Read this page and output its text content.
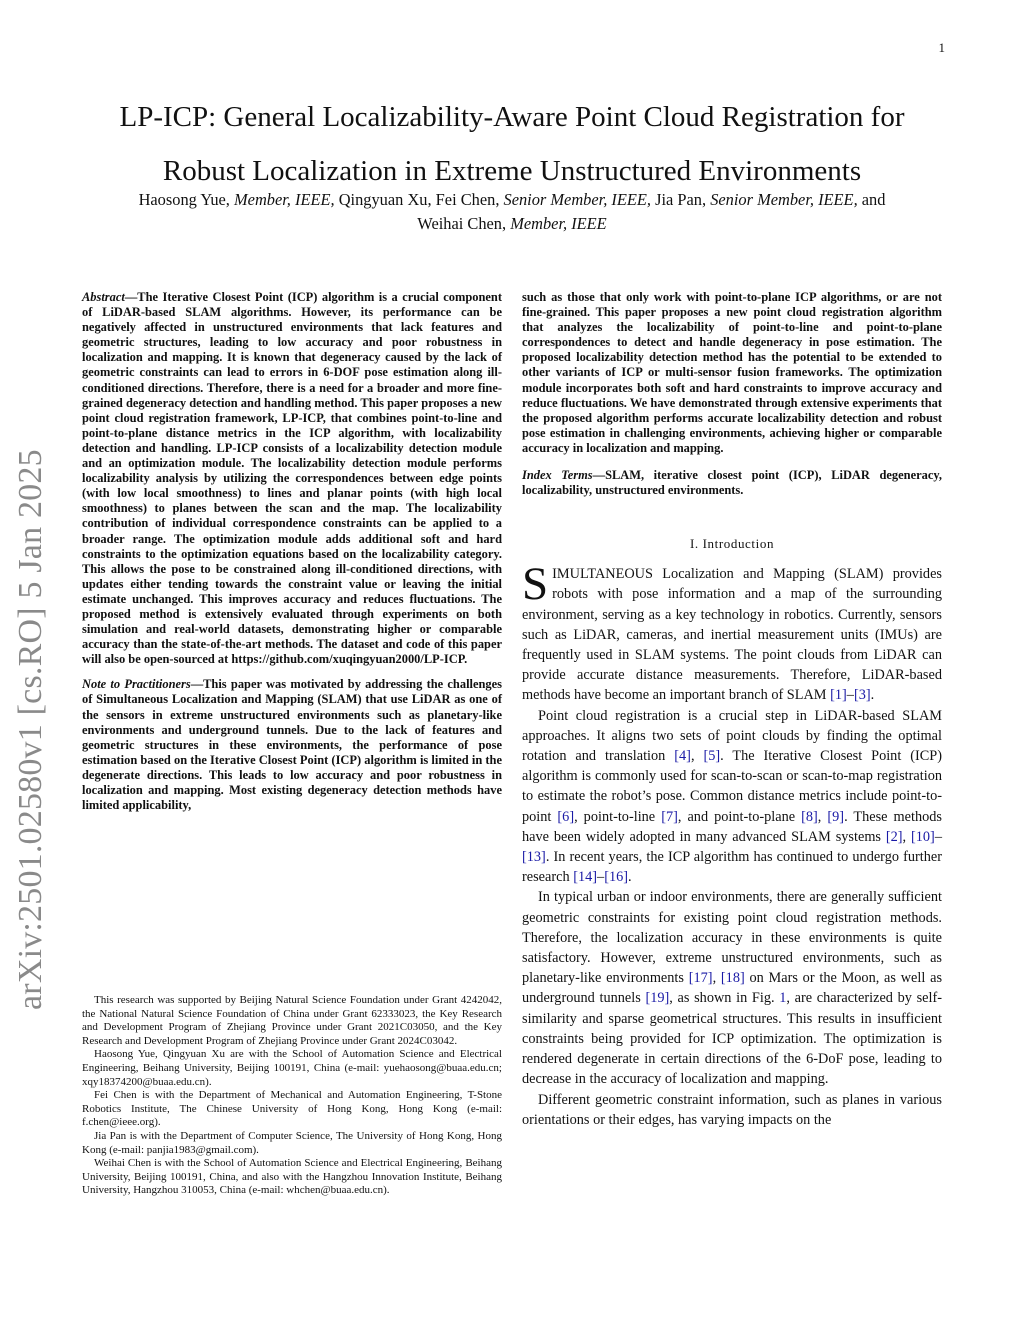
1
arXiv:2501.02580v1 [cs.RO] 5 Jan 2025
LP-ICP: General Localizability-Aware Point Cloud Registration for
Robust Localization in Extreme Unstructured Environments
Haosong Yue, Member, IEEE, Qingyuan Xu, Fei Chen, Senior Member, IEEE, Jia Pan, Senior Member, IEEE, and
Weihai Chen, Member, IEEE

Abstract—The Iterative Closest Point (ICP) algorithm is a crucial component of LiDAR-based SLAM algorithms. However, its performance can be negatively affected in unstructured environments that lack features and geometric structures, leading to low accuracy and poor robustness in localization and mapping. It is known that degeneracy caused by the lack of geometric constraints can lead to errors in 6-DOF pose estimation along ill-conditioned directions. Therefore, there is a need for a broader and more fine-grained degeneracy detection and handling method. This paper proposes a new point cloud registration framework, LP-ICP, that combines point-to-line and point-to-plane distance metrics in the ICP algorithm, with localizability detection and handling. LP-ICP consists of a localizability detection module and an optimization module. The localizability detection module performs localizability analysis by utilizing the correspondences between edge points (with low local smoothness) to lines and planar points (with high local smoothness) to planes between the scan and the map. The localizability contribution of individual correspondence constraints can be applied to a broader range. The optimization module adds additional soft and hard constraints to the optimization equations based on the localizability category. This allows the pose to be constrained along ill-conditioned directions, with updates either tending towards the constraint value or leaving the initial estimate unchanged. This improves accuracy and reduces fluctuations. The proposed method is extensively evaluated through experiments on both simulation and real-world datasets, demonstrating higher or comparable accuracy than the state-of-the-art methods. The dataset and code of this paper will also be open-sourced at https://github.com/xuqingyuan2000/LP-ICP.

Note to Practitioners—This paper was motivated by addressing the challenges of Simultaneous Localization and Mapping (SLAM) that use LiDAR as one of the sensors in extreme unstructured environments such as planetary-like environments and underground tunnels. Due to the lack of features and geometric structures in these environments, the performance of pose estimation based on the Iterative Closest Point (ICP) algorithm is limited in the degenerate directions. This leads to low accuracy and poor robustness in localization and mapping. Most existing degeneracy detection methods have limited applicability,

This research was supported by Beijing Natural Science Foundation under Grant 4242042, the National Natural Science Foundation of China under Grant 62333023, the Key Research and Development Program of Zhejiang Province under Grant 2021C03050, and the Key Research and Development Program of Zhejiang Province under Grant 2024C03042.

Haosong Yue, Qingyuan Xu are with the School of Automation Science and Electrical Engineering, Beihang University, Beijing 100191, China (e-mail: yuehaosong@buaa.edu.cn; xqy18374200@buaa.edu.cn).

Fei Chen is with the Department of Mechanical and Automation Engineering, T-Stone Robotics Institute, The Chinese University of Hong Kong, Hong Kong (e-mail: f.chen@ieee.org).

Jia Pan is with the Department of Computer Science, The University of Hong Kong, Hong Kong (e-mail: panjia1983@gmail.com).

Weihai Chen is with the School of Automation Science and Electrical Engineering, Beihang University, Beijing 100191, China, and also with the Hangzhou Innovation Institute, Beihang University, Hangzhou 310053, China (e-mail: whchen@buaa.edu.cn).

such as those that only work with point-to-plane ICP algorithms, or are not fine-grained. This paper proposes a new point cloud registration algorithm that analyzes the localizability of point-to-line and point-to-plane correspondences to detect and handle degeneracy in pose estimation. The proposed localizability detection method has the potential to be extended to other variants of ICP or multi-sensor fusion frameworks. The optimization module incorporates both soft and hard constraints to improve accuracy and reduce fluctuations. We have demonstrated through extensive experiments that the proposed algorithm performs accurate localizability detection and robust pose estimation in challenging environments, achieving higher or comparable accuracy in localization and mapping.

Index Terms—SLAM, iterative closest point (ICP), LiDAR degeneracy, localizability, unstructured environments.

I. Introduction

SIMULTANEOUS Localization and Mapping (SLAM) provides robots with pose information and a map of the surrounding environment, serving as a key technology in robotics. Currently, sensors such as LiDAR, cameras, and inertial measurement units (IMUs) are frequently used in SLAM systems. The point clouds from LiDAR can provide accurate distance measurements. Therefore, LiDAR-based methods have become an important branch of SLAM [1]–[3].

Point cloud registration is a crucial step in LiDAR-based SLAM approaches. It aligns two sets of point clouds by finding the optimal rotation and translation [4], [5]. The Iterative Closest Point (ICP) algorithm is commonly used for scan-to-scan or scan-to-map registration to estimate the robot’s pose. Common distance metrics include point-to-point [6], point-to-line [7], and point-to-plane [8], [9]. These methods have been widely adopted in many advanced SLAM systems [2], [10]–[13]. In recent years, the ICP algorithm has continued to undergo further research [14]–[16].

In typical urban or indoor environments, there are generally sufficient geometric constraints for existing point cloud registration methods. Therefore, the localization accuracy in these environments is quite satisfactory. However, extreme unstructured environments, such as planetary-like environments [17], [18] on Mars or the Moon, as well as underground tunnels [19], as shown in Fig. 1, are characterized by self-similarity and sparse geometrical structures. This results in insufficient constraints being provided for ICP optimization. The optimization is rendered degenerate in certain directions of the 6-DoF pose, leading to decrease in the accuracy of localization and mapping.

Different geometric constraint information, such as planes in various orientations or their edges, has varying impacts on the
